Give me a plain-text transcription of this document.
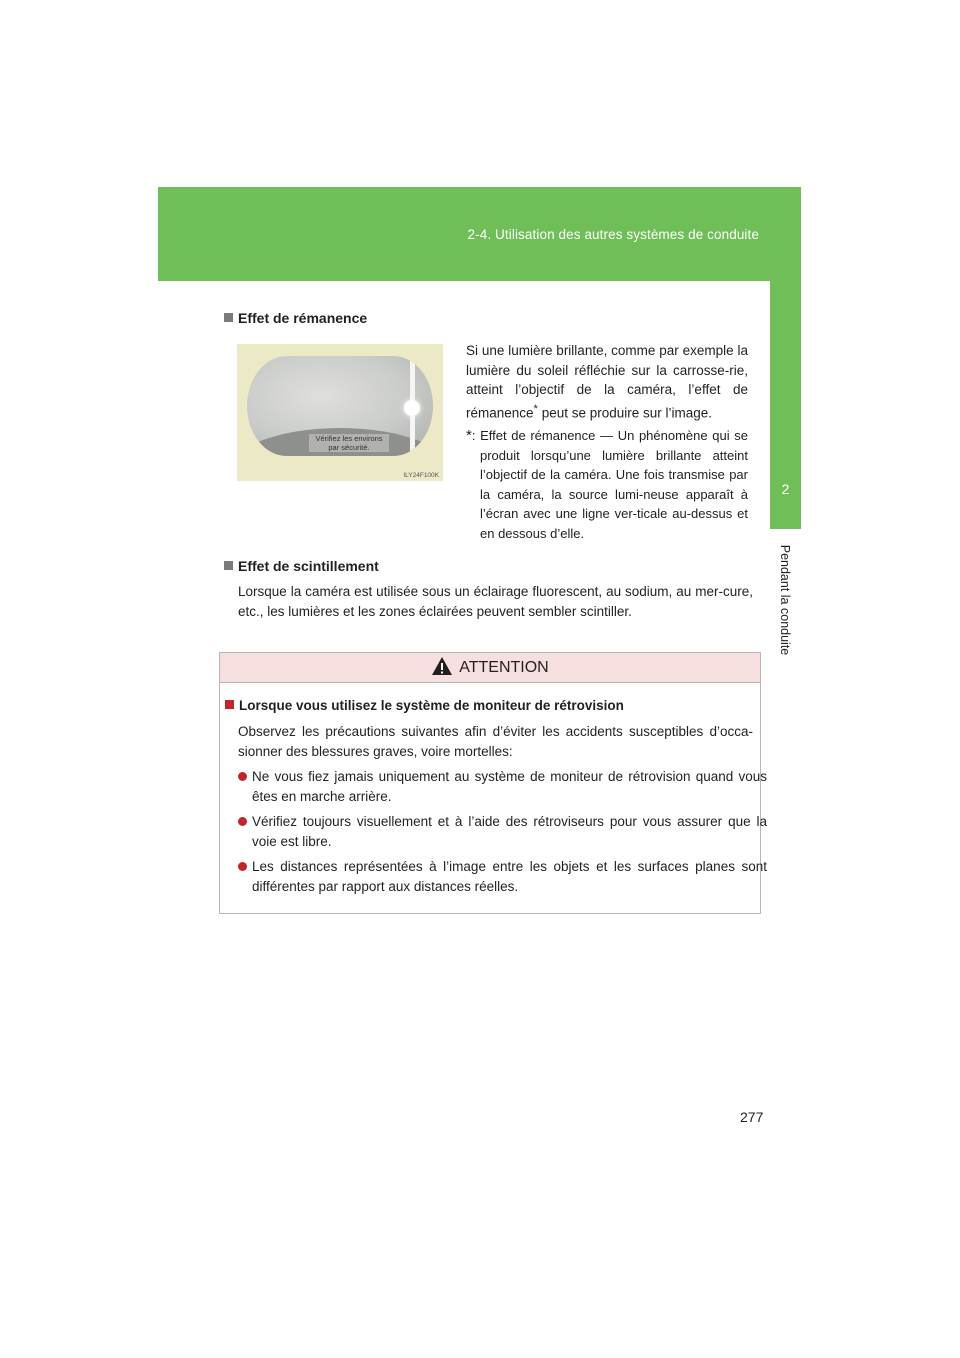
2-4. Utilisation des autres systèmes de conduite
2
Pendant la conduite
Effet de rémanence
Vérifiez les environs par sécurité.
ILY24F100K
Si une lumière brillante, comme par exemple la lumière du soleil réfléchie sur la carrosse-rie, atteint l’objectif de la caméra, l’effet de rémanence* peut se produire sur l’image.
*: Effet de rémanence — Un phénomène qui se produit lorsqu’une lumière brillante atteint l’objectif de la caméra. Une fois transmise par la caméra, la source lumi-neuse apparaît à l’écran avec une ligne ver-ticale au-dessus et en dessous d’elle.
Effet de scintillement
Lorsque la caméra est utilisée sous un éclairage fluorescent, au sodium, au mer-cure, etc., les lumières et les zones éclairées peuvent sembler scintiller.
ATTENTION
Lorsque vous utilisez le système de moniteur de rétrovision
Observez les précautions suivantes afin d’éviter les accidents susceptibles d’occa-sionner des blessures graves, voire mortelles:
Ne vous fiez jamais uniquement au système de moniteur de rétrovision quand vous êtes en marche arrière.
Vérifiez toujours visuellement et à l’aide des rétroviseurs pour vous assurer que la voie est libre.
Les distances représentées à l’image entre les objets et les surfaces planes sont différentes par rapport aux distances réelles.
277
